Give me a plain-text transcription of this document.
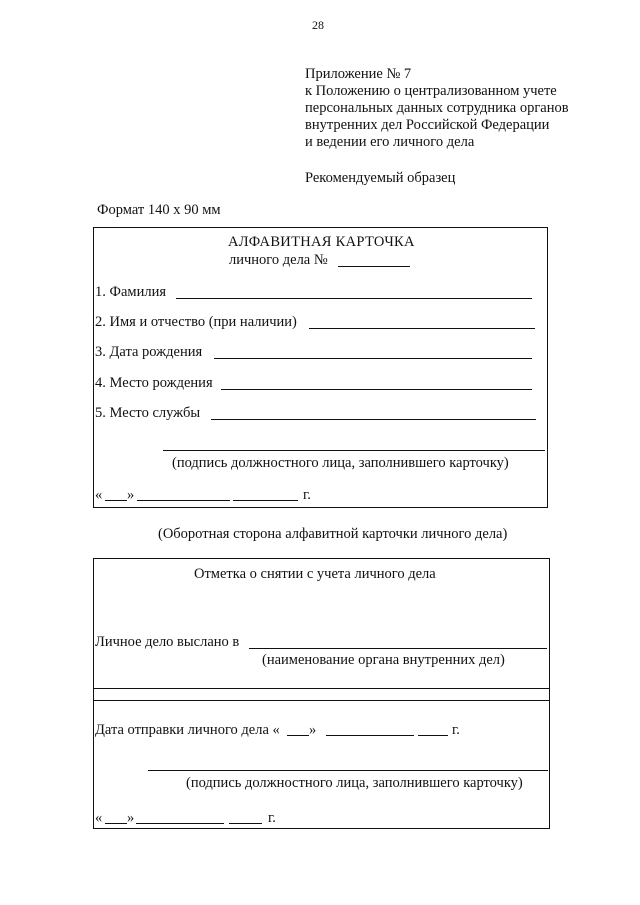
28
Приложение № 7
к Положению о централизованном учете
персональных данных сотрудника органов
внутренних дел Российской Федерации
и ведении его личного дела
Рекомендуемый образец
Формат 140 х 90 мм
АЛФАВИТНАЯ КАРТОЧКА
личного дела №
1. Фамилия
2. Имя и отчество (при наличии)
3. Дата рождения
4. Место рождения
5. Место службы
(подпись должностного лица, заполнившего карточку)
« »	г.
(Оборотная сторона алфавитной карточки личного дела)
Отметка о снятии с учета личного дела
Личное дело выслано в
(наименование органа внутренних дел)
Дата отправки личного дела « »	г.
(подпись должностного лица, заполнившего карточку)
« »	г.
